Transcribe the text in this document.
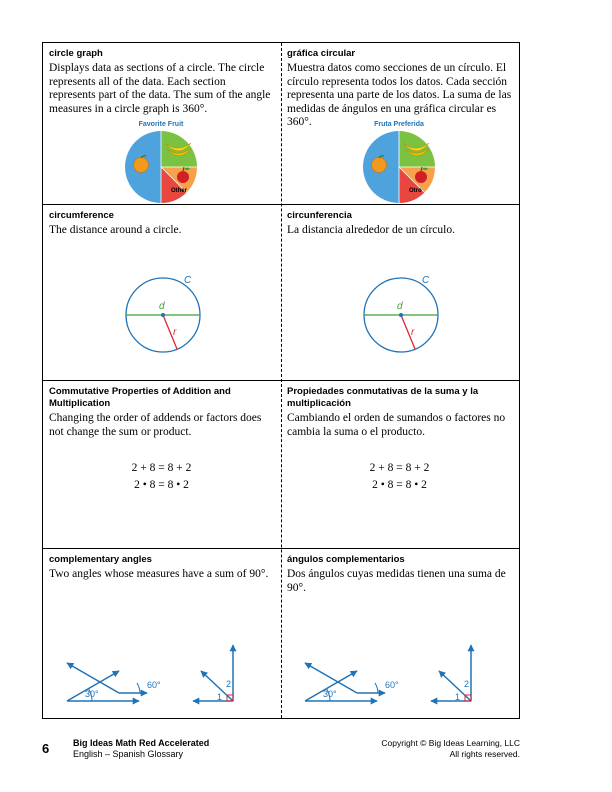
circle graph
Displays data as sections of a circle. The circle represents all of the data. Each section represents part of the data. The sum of the angle measures in a circle graph is 360°.
Favorite Fruit
Other
gráfica circular
Muestra datos como secciones de un círculo. El círculo representa todos los datos. Cada sección representa una parte de los datos. La suma de las medidas de ángulos en una gráfica circular es 360°.	Fruta Preferida
Otro
circumference
The distance around a circle.
C
d
r
circunferencia
La distancia alrededor de un círculo.
C
d
r
Commutative Properties of Addition and Multiplication
Changing the order of addends or factors does not change the sum or product.
2 + 8 = 8 + 2
2 • 8 = 8 • 2
Propiedades conmutativas de la suma y la multiplicación
Cambiando el orden de sumandos o factores no cambia la suma o el producto.
2 + 8 = 8 + 2
2 • 8 = 8 • 2
complementary angles
Two angles whose measures have a sum of 90°.
30°
60°
1
2
ángulos complementarios
Dos ángulos cuyas medidas tienen una suma de 90°.
30°
60°
1
2
6	Big Ideas Math Red Accelerated
English – Spanish Glossary
Copyright © Big Ideas Learning, LLC
All rights reserved.
